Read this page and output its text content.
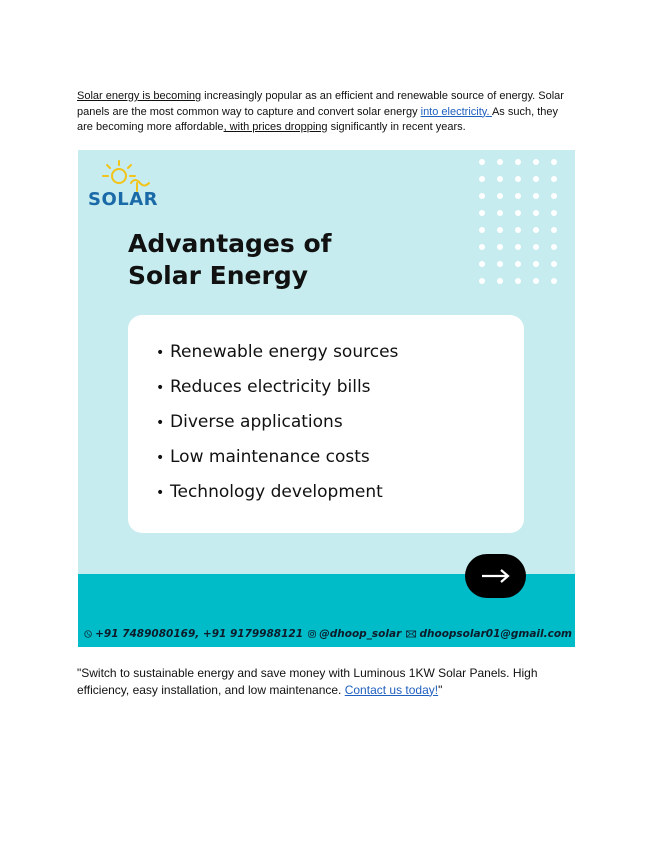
Solar energy is becoming increasingly popular as an efficient and renewable source of energy. Solar panels are the most common way to capture and convert solar energy into electricity. As such, they are becoming more affordable, with prices dropping significantly in recent years.
SOLAR
Advantages of
Solar Energy
• Renewable energy sources
• Reduces electricity bills
• Diverse applications
• Low maintenance costs
• Technology development
+91 7489080169, +91 9179988121 @dhoop_solar dhoopsolar01@gmail.com
"Switch to sustainable energy and save money with Luminous 1KW Solar Panels. High efficiency, easy installation, and low maintenance. Contact us today!"
